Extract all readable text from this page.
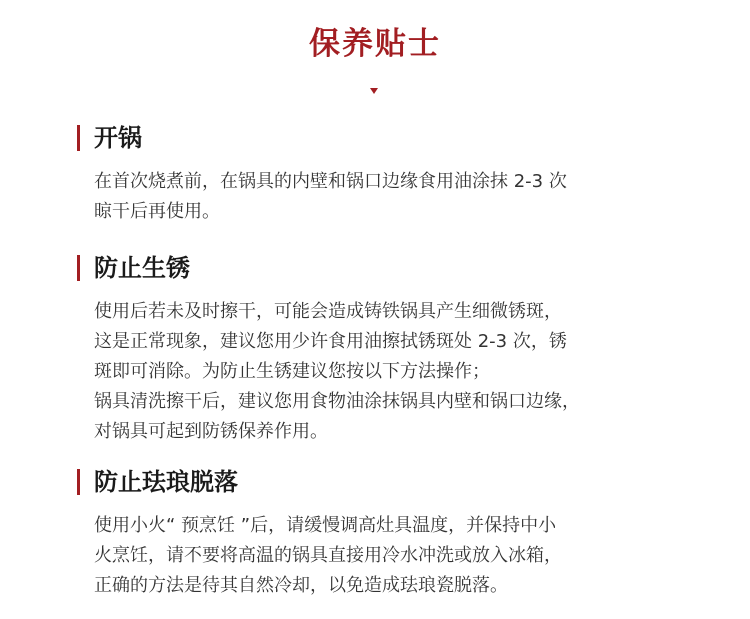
保养贴士
开锅

在首次烧煮前，在锅具的内壁和锅口边缘食用油涂抹 2-3 次
晾干后再使用。

防止生锈

使用后若未及时擦干，可能会造成铸铁锅具产生细微锈斑，
这是正常现象，建议您用少许食用油擦拭锈斑处 2-3 次，锈
斑即可消除。为防止生锈建议您按以下方法操作；
锅具清洗擦干后，建议您用食物油涂抹锅具内壁和锅口边缘，
对锅具可起到防锈保养作用。

防止珐琅脱落

使用小火“ 预烹饪 ”后，请缓慢调高灶具温度，并保持中小
火烹饪，请不要将高温的锅具直接用冷水冲洗或放入冰箱，
正确的方法是待其自然冷却，以免造成珐琅瓷脱落。
